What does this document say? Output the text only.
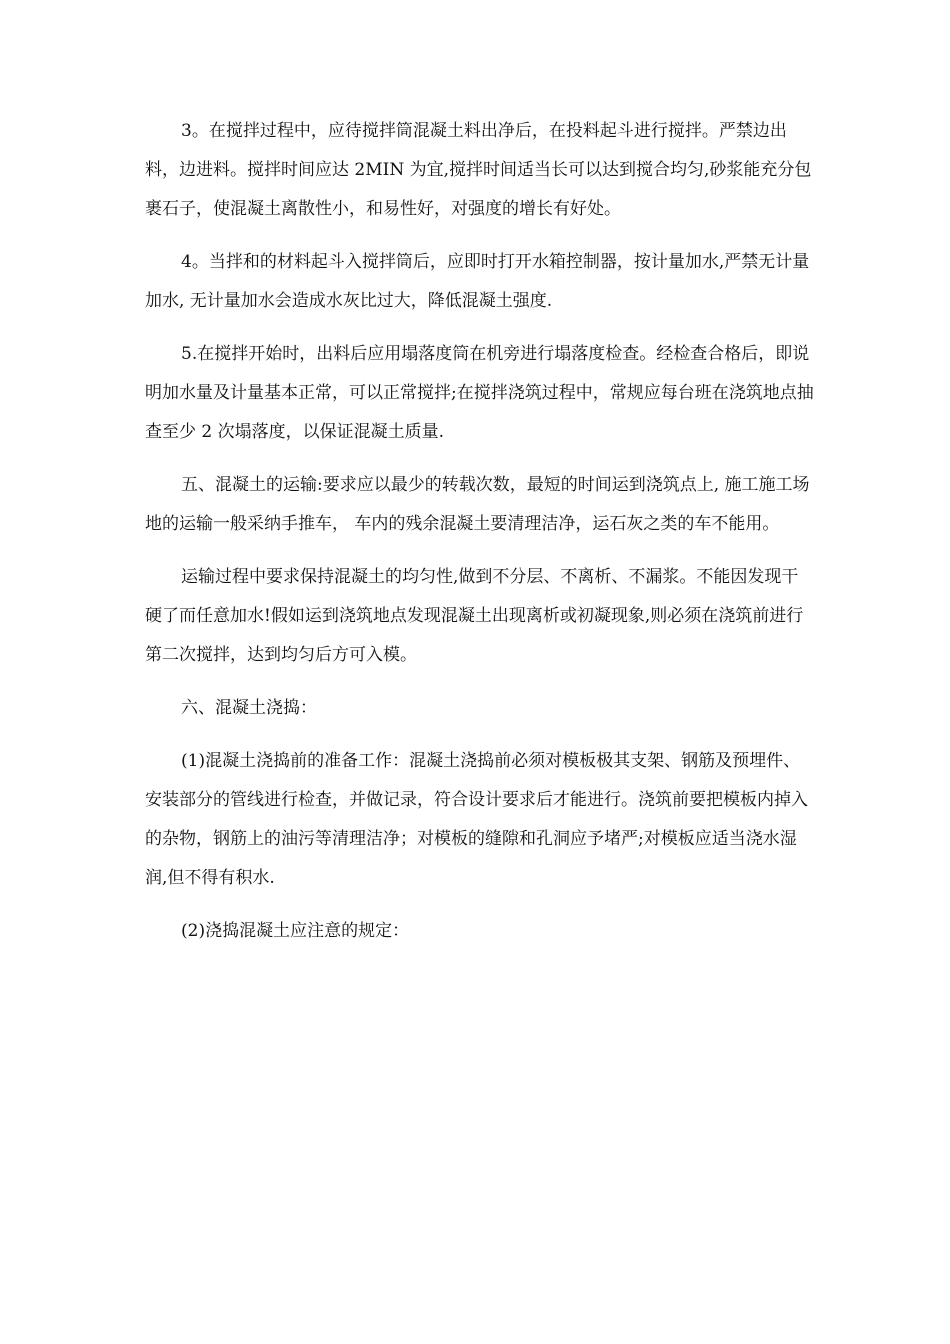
3。在搅拌过程中，应待搅拌筒混凝土料出净后，在投料起斗进行搅拌。严禁边出料，边进料。搅拌时间应达 2MIN 为宜,搅拌时间适当长可以达到搅合均匀,砂浆能充分包裹石子，使混凝土离散性小，和易性好，对强度的增长有好处。

4。当拌和的材料起斗入搅拌筒后，应即时打开水箱控制器，按计量加水,严禁无计量加水, 无计量加水会造成水灰比过大，降低混凝土强度.

5.在搅拌开始时，出料后应用塌落度筒在机旁进行塌落度检查。经检查合格后，即说明加水量及计量基本正常，可以正常搅拌;在搅拌浇筑过程中，常规应每台班在浇筑地点抽查至少 2 次塌落度，以保证混凝土质量.

五、混凝土的运输:要求应以最少的转载次数，最短的时间运到浇筑点上, 施工施工场地的运输一般采纳手推车， 车内的残余混凝土要清理洁净，运石灰之类的车不能用。

运输过程中要求保持混凝土的均匀性,做到不分层、不离析、不漏浆。不能因发现干硬了而任意加水!假如运到浇筑地点发现混凝土出现离析或初凝现象,则必须在浇筑前进行第二次搅拌，达到均匀后方可入模。

六、混凝土浇捣：

(1)混凝土浇捣前的准备工作：混凝土浇捣前必须对模板极其支架、钢筋及预埋件、安装部分的管线进行检查，并做记录，符合设计要求后才能进行。浇筑前要把模板内掉入的杂物，钢筋上的油污等清理洁净；对模板的缝隙和孔洞应予堵严;对模板应适当浇水湿润,但不得有积水.

(2)浇捣混凝土应注意的规定：
